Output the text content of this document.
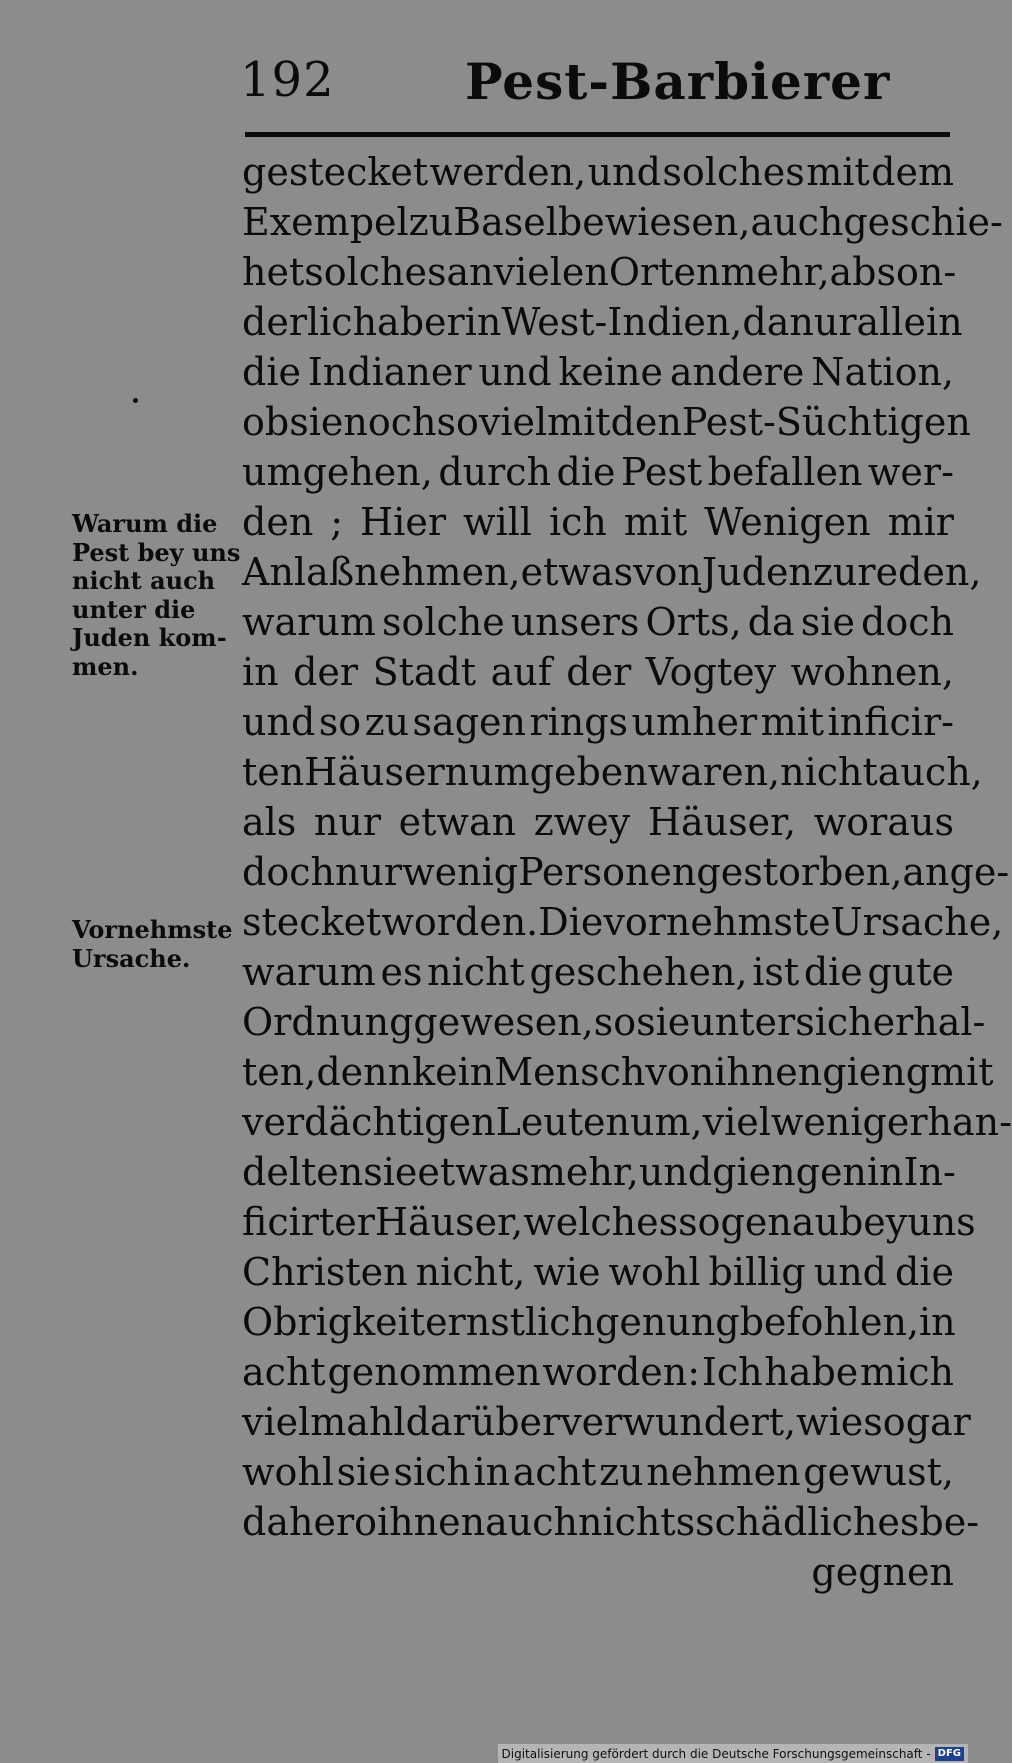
192	Pest-Barbierer
gestecket werden, und solches mit dem
Exempel zu Basel bewiesen, auch geschie-
het solches an vielen Orten mehr, abson-
derlich aber in West-Indien, da nur allein
die Indianer und keine andere Nation,
ob sie noch so viel mit den Pest-Süchtigen
umgehen, durch die Pest befallen wer-
den ; Hier will ich mit Wenigen mir
Anlaß nehmen, etwas von Juden zu reden,
warum solche unsers Orts, da sie doch
in der Stadt auf der Vogtey wohnen,
und so zu sagen rings umher mit inficir-
ten Häusern umgeben waren, nicht auch,
als nur etwan zwey Häuser, woraus
doch nur wenig Personen gestorben, ange-
stecket worden. Die vornehmste Ursache,
warum es nicht geschehen, ist die gute
Ordnung gewesen, so sie unter sich erhal-
ten, denn kein Mensch von ihnen gieng mit
verdächtigen Leuten um, viel weniger han-
delten sie etwas mehr, und giengen in In-
ficirter Häuser, welches so genau bey uns
Christen nicht, wie wohl billig und die
Obrigkeit ernstlich genung befohlen, in
acht genommen worden: Ich habe mich
vielmahl darüber verwundert, wie so gar
wohl sie sich in acht zu nehmen gewust,
dahero ihnen auch nichts schädliches be-
gegnen
Warum die
Pest bey uns
nicht auch
unter die
Juden kom-
men.
Vornehmste
Ursache.
Digitalisierung gefördert durch die Deutsche Forschungsgemeinschaft - DFG
